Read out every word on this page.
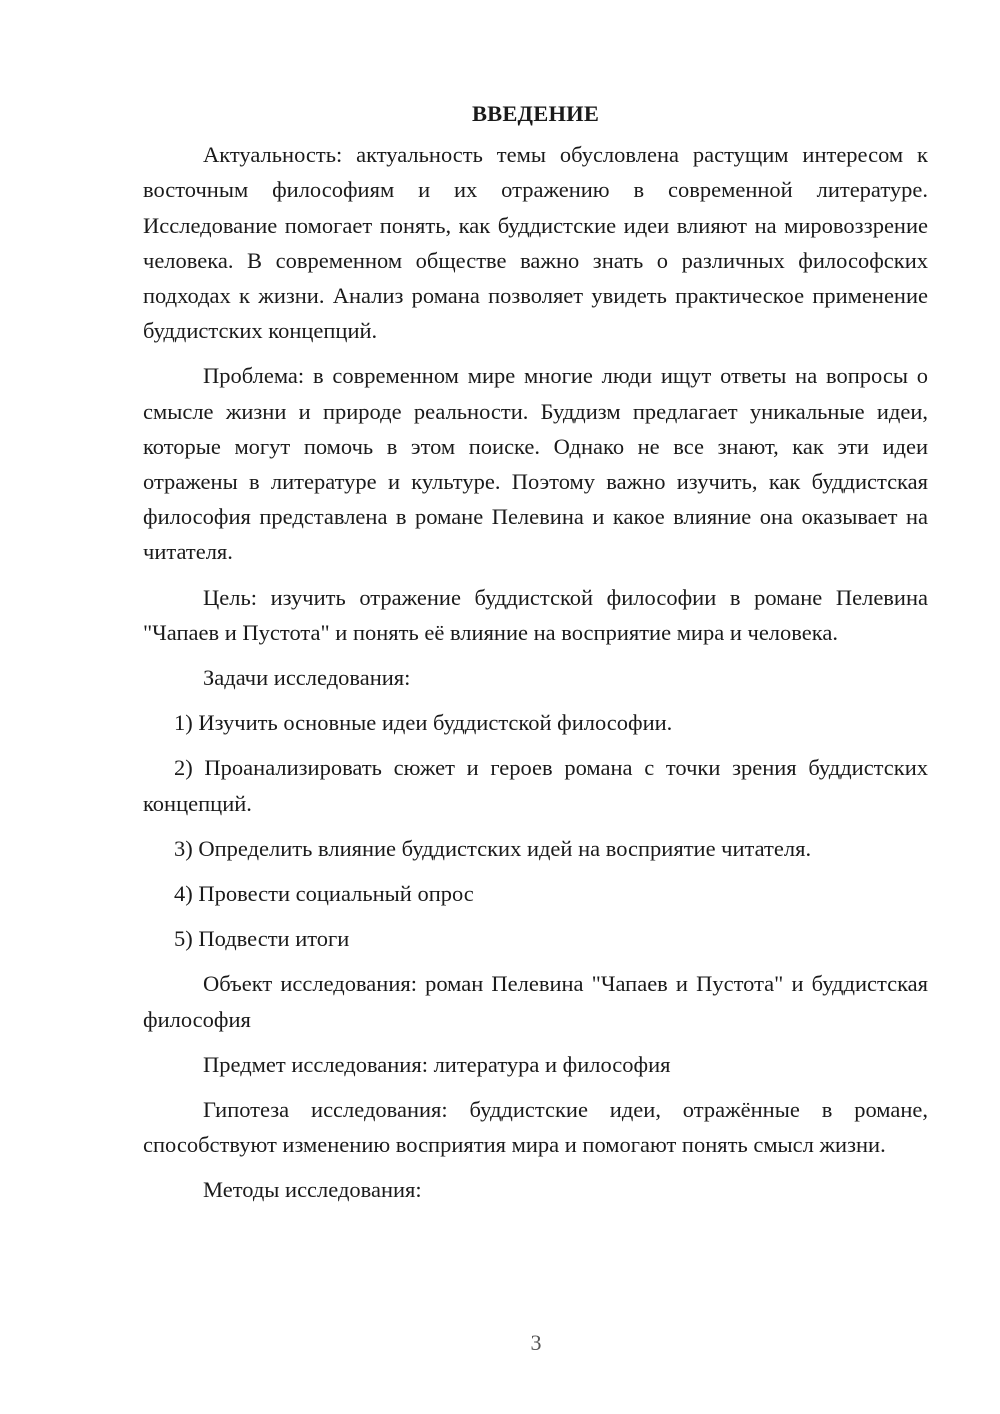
ВВЕДЕНИЕ

Актуальность: актуальность темы обусловлена растущим интересом к восточным философиям и их отражению в современной литературе. Исследование помогает понять, как буддистские идеи влияют на мировоззрение человека. В современном обществе важно знать о различных философских подходах к жизни. Анализ романа позволяет увидеть практическое применение буддистских концепций.

Проблема: в современном мире многие люди ищут ответы на вопросы о смысле жизни и природе реальности. Буддизм предлагает уникальные идеи, которые могут помочь в этом поиске. Однако не все знают, как эти идеи отражены в литературе и культуре. Поэтому важно изучить, как буддистская философия представлена в романе Пелевина и какое влияние она оказывает на читателя.

Цель: изучить отражение буддистской философии в романе Пелевина "Чапаев и Пустота" и понять её влияние на восприятие мира и человека.

Задачи исследования:

1) Изучить основные идеи буддистской философии.

2) Проанализировать сюжет и героев романа с точки зрения буддистских концепций.

3) Определить влияние буддистских идей на восприятие читателя.

4) Провести социальный опрос

5) Подвести итоги

Объект исследования: роман Пелевина "Чапаев и Пустота" и буддистская философия

Предмет исследования: литература и философия

Гипотеза исследования: буддистские идеи, отражённые в романе, способствуют изменению восприятия мира и помогают понять смысл жизни.

Методы исследования:

3
